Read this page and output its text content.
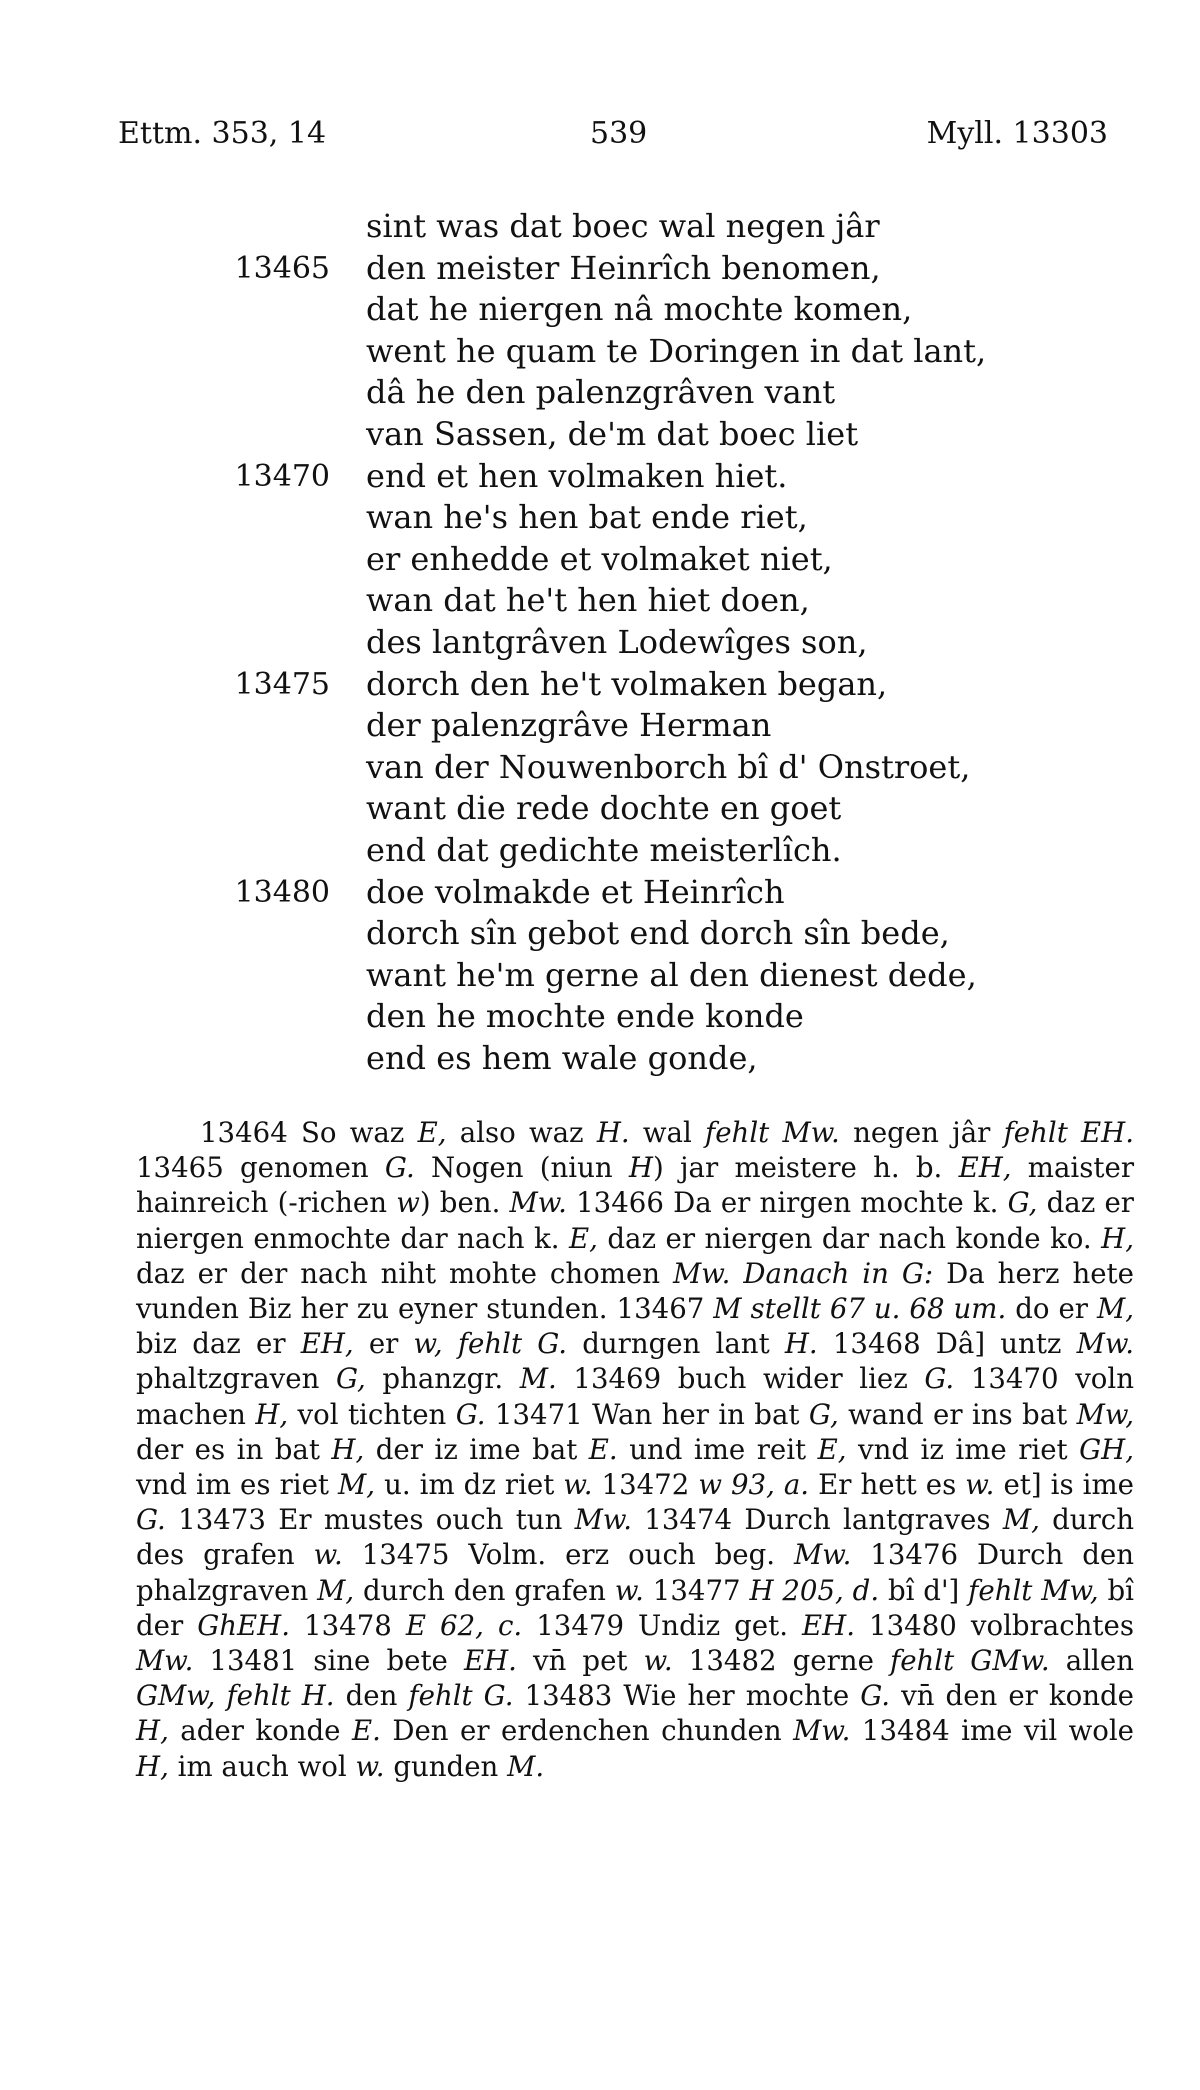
Ettm. 353, 14	539	Myll. 13303
sint was dat boec wal negen jâr
13465 den meister Heinrîch benomen,
dat he niergen nâ mochte komen,
went he quam te Doringen in dat lant,
dâ he den palenzgrâven vant
van Sassen, de'm dat boec liet
13470 end et hen volmaken hiet.
wan he's hen bat ende riet,
er enhedde et volmaket niet,
wan dat he't hen hiet doen,
des lantgrâven Lodewîges son,
13475 dorch den he't volmaken began,
der palenzgrâve Herman
van der Nouwenborch bî d' Onstroet,
want die rede dochte en goet
end dat gedichte meisterlîch.
13480 doe volmakde et Heinrîch
dorch sîn gebot end dorch sîn bede,
want he'm gerne al den dienest dede,
den he mochte ende konde
end es hem wale gonde,

13464 So waz E, also waz H. wal fehlt Mw. negen jâr fehlt EH. 13465 genomen G. Nogen (niun H) jar meistere h. b. EH, maister hainreich (-richen w) ben. Mw. 13466 Da er nirgen mochte k. G, daz er niergen enmochte dar nach k. E, daz er niergen dar nach konde ko. H, daz er der nach niht mohte chomen Mw. Danach in G: Da herz hete vunden Biz her zu eyner stunden. 13467 M stellt 67 u. 68 um. do er M, biz daz er EH, er w, fehlt G. durngen lant H. 13468 Dâ] untz Mw. phaltzgraven G, phanzgr. M. 13469 buch wider liez G. 13470 voln machen H, vol tichten G. 13471 Wan her in bat G, wand er ins bat Mw, der es in bat H, der iz ime bat E. und ime reit E, vnd iz ime riet GH, vnd im es riet M, u. im dz riet w. 13472 w 93, a. Er hett es w. et] is ime G. 13473 Er mustes ouch tun Mw. 13474 Durch lantgraves M, durch des grafen w. 13475 Volm. erz ouch beg. Mw. 13476 Durch den phalzgraven M, durch den grafen w. 13477 H 205, d. bî d'] fehlt Mw, bî der GhEH. 13478 E 62, c. 13479 Undiz get. EH. 13480 volbrachtes Mw. 13481 sine bete EH. vn̄ pet w. 13482 gerne fehlt GMw. allen GMw, fehlt H. den fehlt G. 13483 Wie her mochte G. vn̄ den er konde H, ader konde E. Den er erdenchen chunden Mw. 13484 ime vil wole H, im auch wol w. gunden M.
